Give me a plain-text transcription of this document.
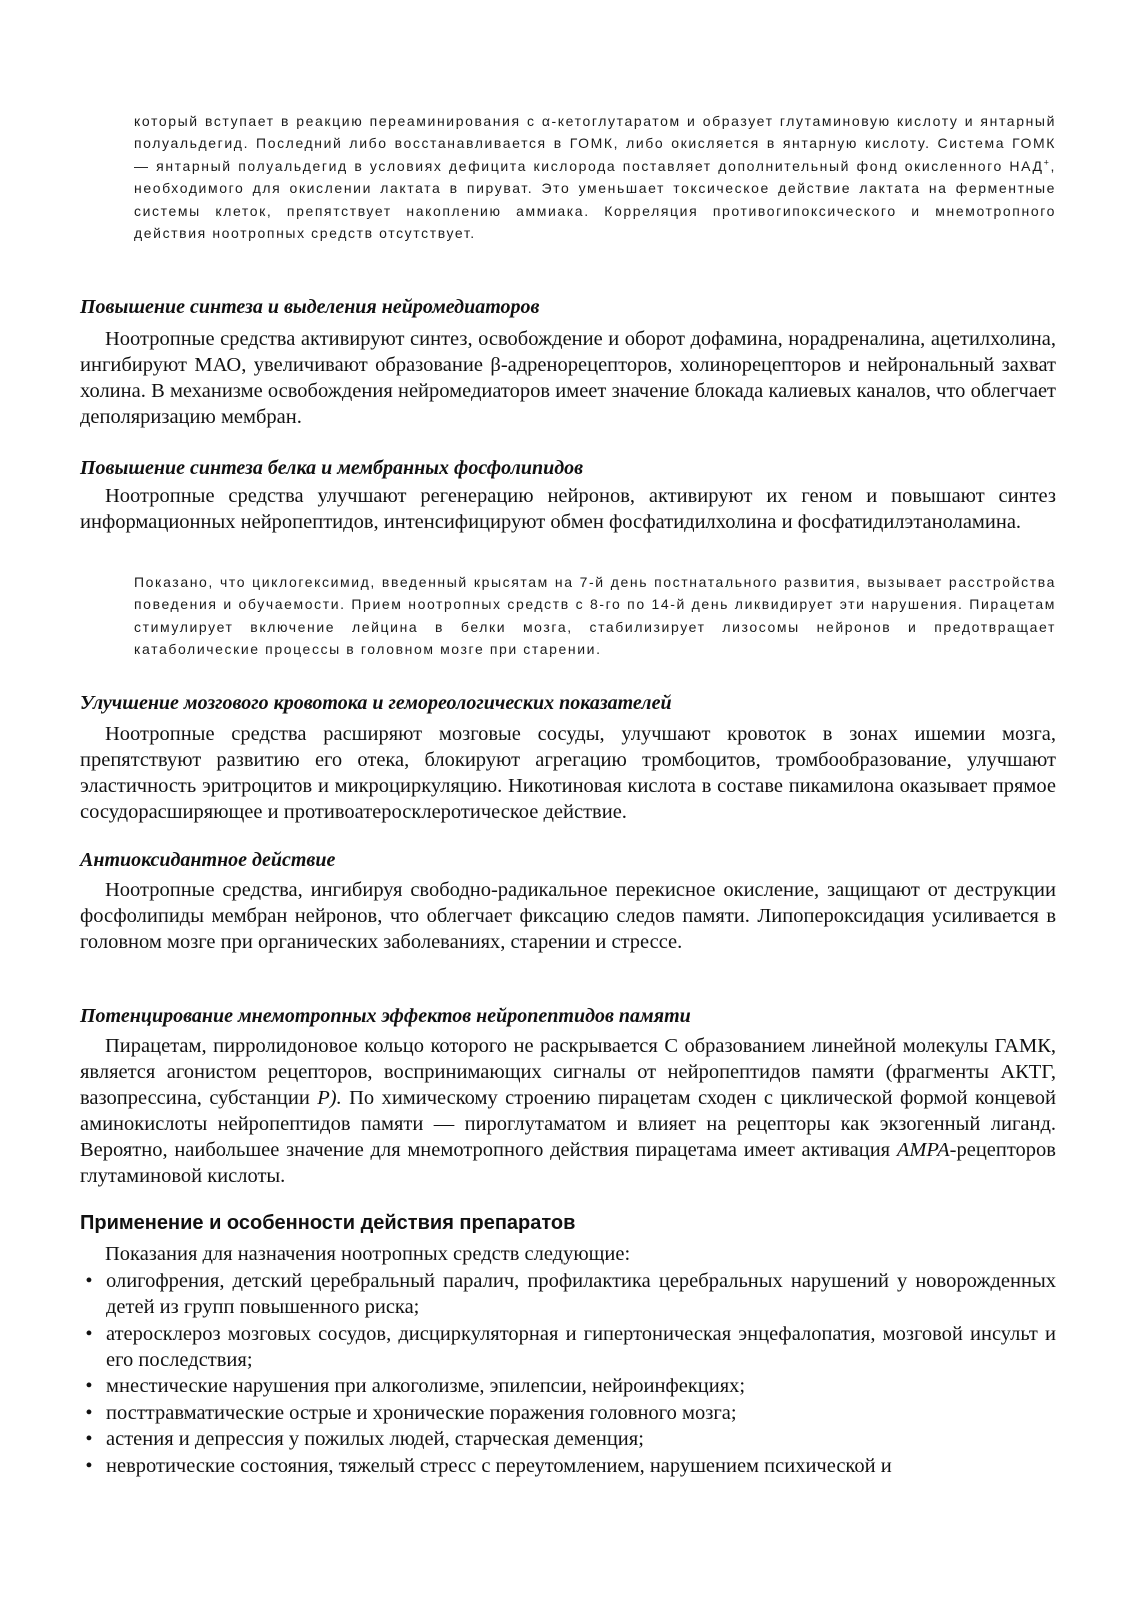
который вступает в реакцию переаминирования с α-кетоглутаратом и образует глутаминовую кислоту и янтарный полуальдегид. Последний либо восстанавливается в ГОМК, либо окисляется в янтарную кислоту. Система ГОМК — янтарный полуальдегид в условиях дефицита кислорода поставляет дополнительный фонд окисленного НАД+, необходимого для окислении лактата в пируват. Это уменьшает токсическое действие лактата на ферментные системы клеток, препятствует накоплению аммиака. Корреляция противогипоксического и мнемотропного действия ноотропных средств отсутствует.

Повышение синтеза и выделения нейромедиаторов

Ноотропные средства активируют синтез, освобождение и оборот дофамина, норадреналина, ацетилхолина, ингибируют МАО, увеличивают образование β-адренорецепторов, холинорецепторов и нейрональный захват холина. В механизме освобождения нейромедиаторов имеет значение блокада калиевых каналов, что облегчает деполяризацию мембран.

Повышение синтеза белка и мембранных фосфолипидов

Ноотропные средства улучшают регенерацию нейронов, активируют их геном и повышают синтез информационных нейропептидов, интенсифицируют обмен фосфатидилхолина и фосфатидилэтаноламина.

Показано, что циклогексимид, введенный крысятам на 7-й день постнатального развития, вызывает расстройства поведения и обучаемости. Прием ноотропных средств с 8-го по 14-й день ликвидирует эти нарушения. Пирацетам стимулирует включение лейцина в белки мозга, стабилизирует лизосомы нейронов и предотвращает катаболические процессы в головном мозге при старении.

Улучшение мозгового кровотока и гемореологических показателей

Ноотропные средства расширяют мозговые сосуды, улучшают кровоток в зонах ишемии мозга, препятствуют развитию его отека, блокируют агрегацию тромбоцитов, тромбообразование, улучшают эластичность эритроцитов и микроциркуляцию. Никотиновая кислота в составе пикамилона оказывает прямое сосудорасширяющее и противоатеросклеротическое действие.

Антиоксидантное действие

Ноотропные средства, ингибируя свободно-радикальное перекисное окисление, защищают от деструкции фосфолипиды мембран нейронов, что облегчает фиксацию следов памяти. Липопероксидация усиливается в головном мозге при органических заболеваниях, старении и стрессе.

Потенцирование мнемотропных эффектов нейропептидов памяти

Пирацетам, пирролидоновое кольцо которого не раскрывается С образованием линейной молекулы ГАМК, является агонистом рецепторов, воспринимающих сигналы от нейропептидов памяти (фрагменты АКТГ, вазопрессина, субстанции Р). По химическому строению пирацетам сходен с циклической формой концевой аминокислоты нейропептидов памяти — пироглутаматом и влияет на рецепторы как экзогенный лиганд. Вероятно, наибольшее значение для мнемотропного действия пирацетама имеет активация АМРА-рецепторов глутаминовой кислоты.

Применение и особенности действия препаратов

Показания для назначения ноотропных средств следующие:

• олигофрения, детский церебральный паралич, профилактика церебральных нарушений у новорожденных детей из групп повышенного риска;
• атеросклероз мозговых сосудов, дисциркуляторная и гипертоническая энцефалопатия, мозговой инсульт и его последствия;
• мнестические нарушения при алкоголизме, эпилепсии, нейроинфекциях;
• посттравматические острые и хронические поражения головного мозга;
• астения и депрессия у пожилых людей, старческая деменция;
• невротические состояния, тяжелый стресс с переутомлением, нарушением психической и
